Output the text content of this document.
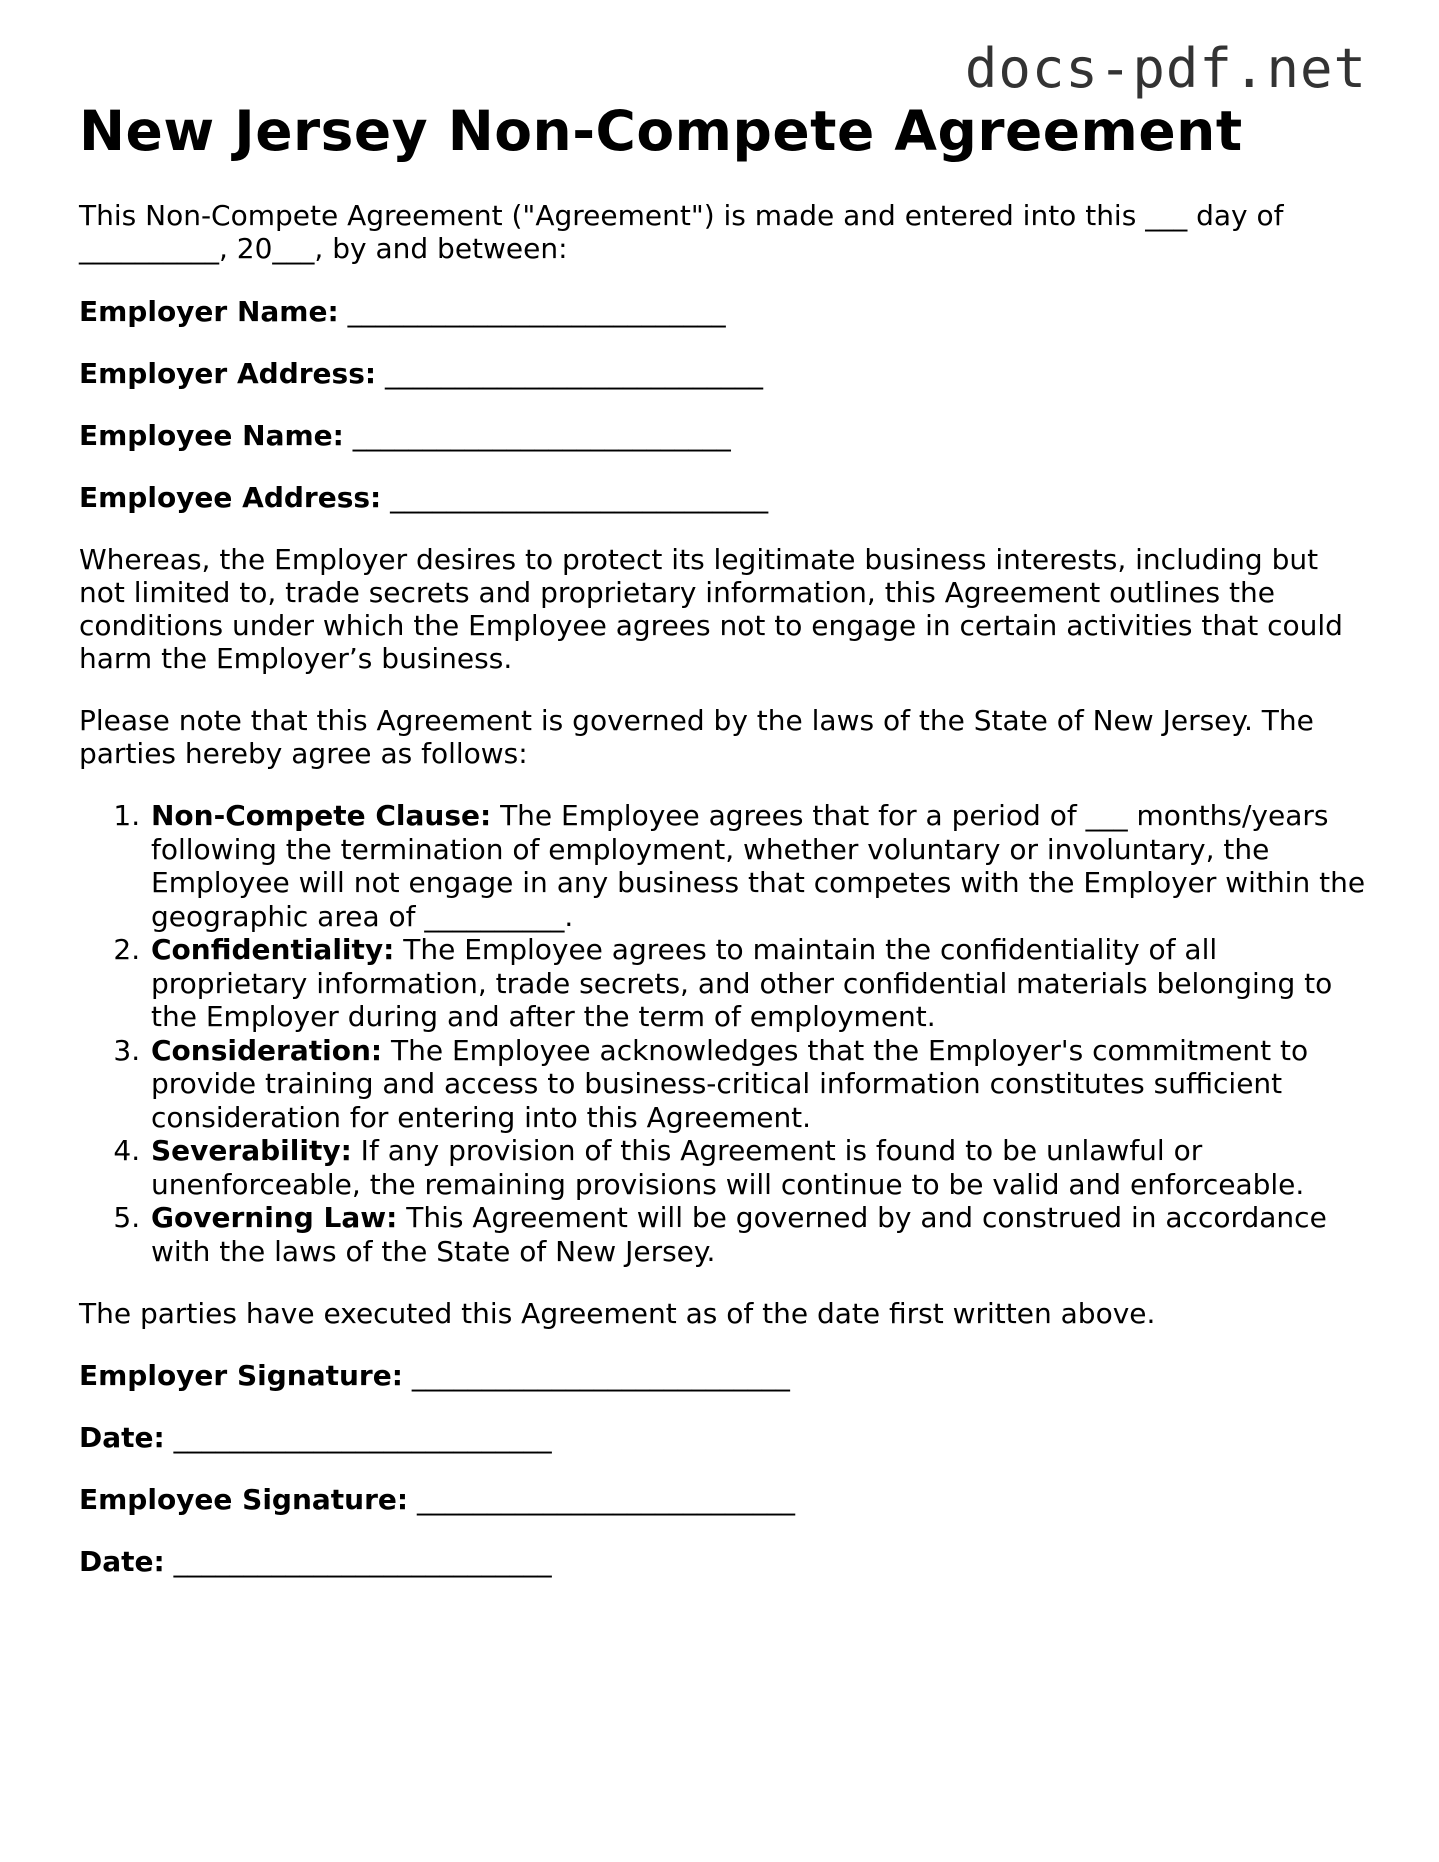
docs-pdf.net
New Jersey Non-Compete Agreement

This Non-Compete Agreement ("Agreement") is made and entered into this ___ day of __________, 20___, by and between:

Employer Name: ___________________________

Employer Address: ___________________________

Employee Name: ___________________________

Employee Address: ___________________________

Whereas, the Employer desires to protect its legitimate business interests, including but not limited to, trade secrets and proprietary information, this Agreement outlines the conditions under which the Employee agrees not to engage in certain activities that could harm the Employer’s business.

Please note that this Agreement is governed by the laws of the State of New Jersey. The parties hereby agree as follows:

1. Non-Compete Clause: The Employee agrees that for a period of ___ months/years following the termination of employment, whether voluntary or involuntary, the Employee will not engage in any business that competes with the Employer within the geographic area of __________.
2. Confidentiality: The Employee agrees to maintain the confidentiality of all proprietary information, trade secrets, and other confidential materials belonging to the Employer during and after the term of employment.
3. Consideration: The Employee acknowledges that the Employer's commitment to provide training and access to business-critical information constitutes sufficient consideration for entering into this Agreement.
4. Severability: If any provision of this Agreement is found to be unlawful or unenforceable, the remaining provisions will continue to be valid and enforceable.
5. Governing Law: This Agreement will be governed by and construed in accordance with the laws of the State of New Jersey.

The parties have executed this Agreement as of the date first written above.

Employer Signature: ___________________________

Date: ___________________________

Employee Signature: ___________________________

Date: ___________________________
